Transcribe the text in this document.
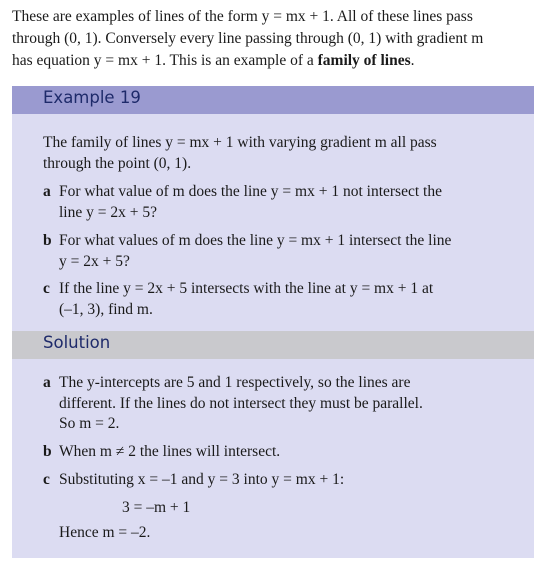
These are examples of lines of the form y = mx + 1. All of these lines pass
through (0, 1). Conversely every line passing through (0, 1) with gradient m
has equation y = mx + 1. This is an example of a family of lines.
Example 19
The family of lines y = mx + 1 with varying gradient m all pass
through the point (0, 1).
a For what value of m does the line y = mx + 1 not intersect the
line y = 2x + 5?
b For what values of m does the line y = mx + 1 intersect the line
y = 2x + 5?
c If the line y = 2x + 5 intersects with the line at y = mx + 1 at
(–1, 3), find m.
Solution
a The y-intercepts are 5 and 1 respectively, so the lines are
different. If the lines do not intersect they must be parallel.
So m = 2.
b When m ≠ 2 the lines will intersect.
c Substituting x = –1 and y = 3 into y = mx + 1:
3 = –m + 1
Hence m = –2.
